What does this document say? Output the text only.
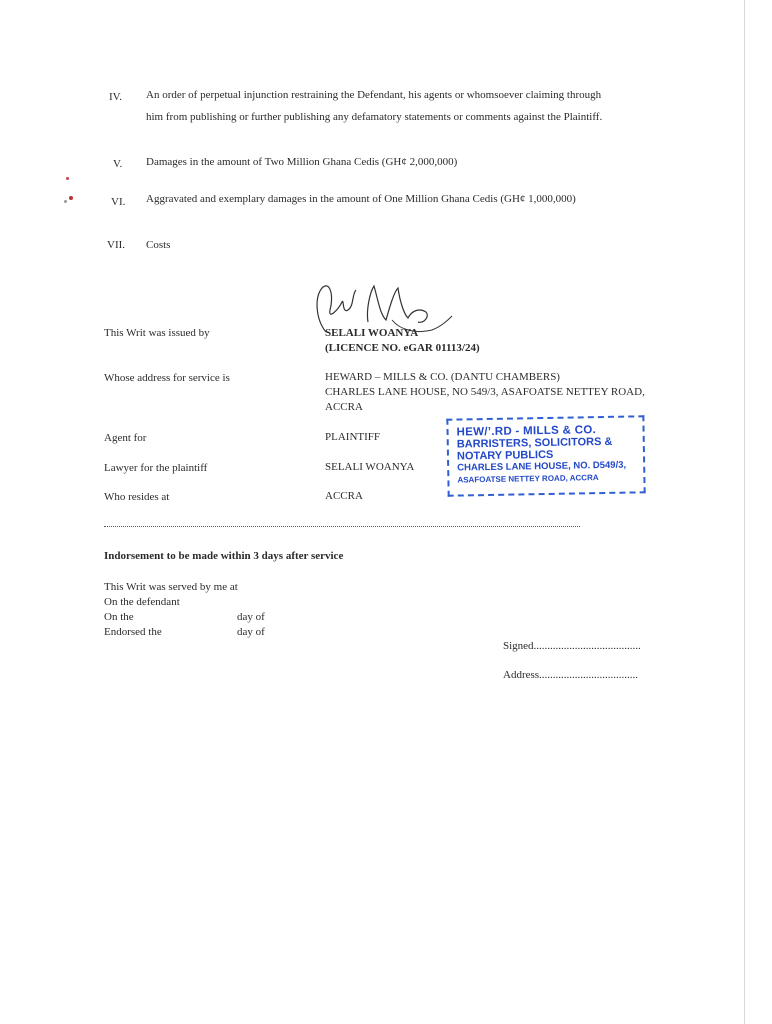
IV. An order of perpetual injunction restraining the Defendant, his agents or whomsoever claiming through
him from publishing or further publishing any defamatory statements or comments against the Plaintiff.
V. Damages in the amount of Two Million Ghana Cedis (GH¢ 2,000,000)
VI. Aggravated and exemplary damages in the amount of One Million Ghana Cedis (GH¢ 1,000,000)
VII. Costs
This Writ was issued by	SELALI WOANYA
(LICENCE NO. eGAR 01113/24)
Whose address for service is	HEWARD – MILLS & CO. (DANTU CHAMBERS)
CHARLES LANE HOUSE, NO 549/3, ASAFOATSE NETTEY ROAD,
ACCRA
Agent for	PLAINTIFF
Lawyer for the plaintiff	SELALI WOANYA
Who resides at	ACCRA
HEW/’.RD - MILLS & CO.
BARRISTERS, SOLICITORS &
NOTARY PUBLICS
CHARLES LANE HOUSE, NO. D549/3,
ASAFOATSE NETTEY ROAD, ACCRA
Indorsement to be made within 3 days after service
This Writ was served by me at
On the defendant
On the	day of
Endorsed the	day of
Signed.......................................
Address....................................
